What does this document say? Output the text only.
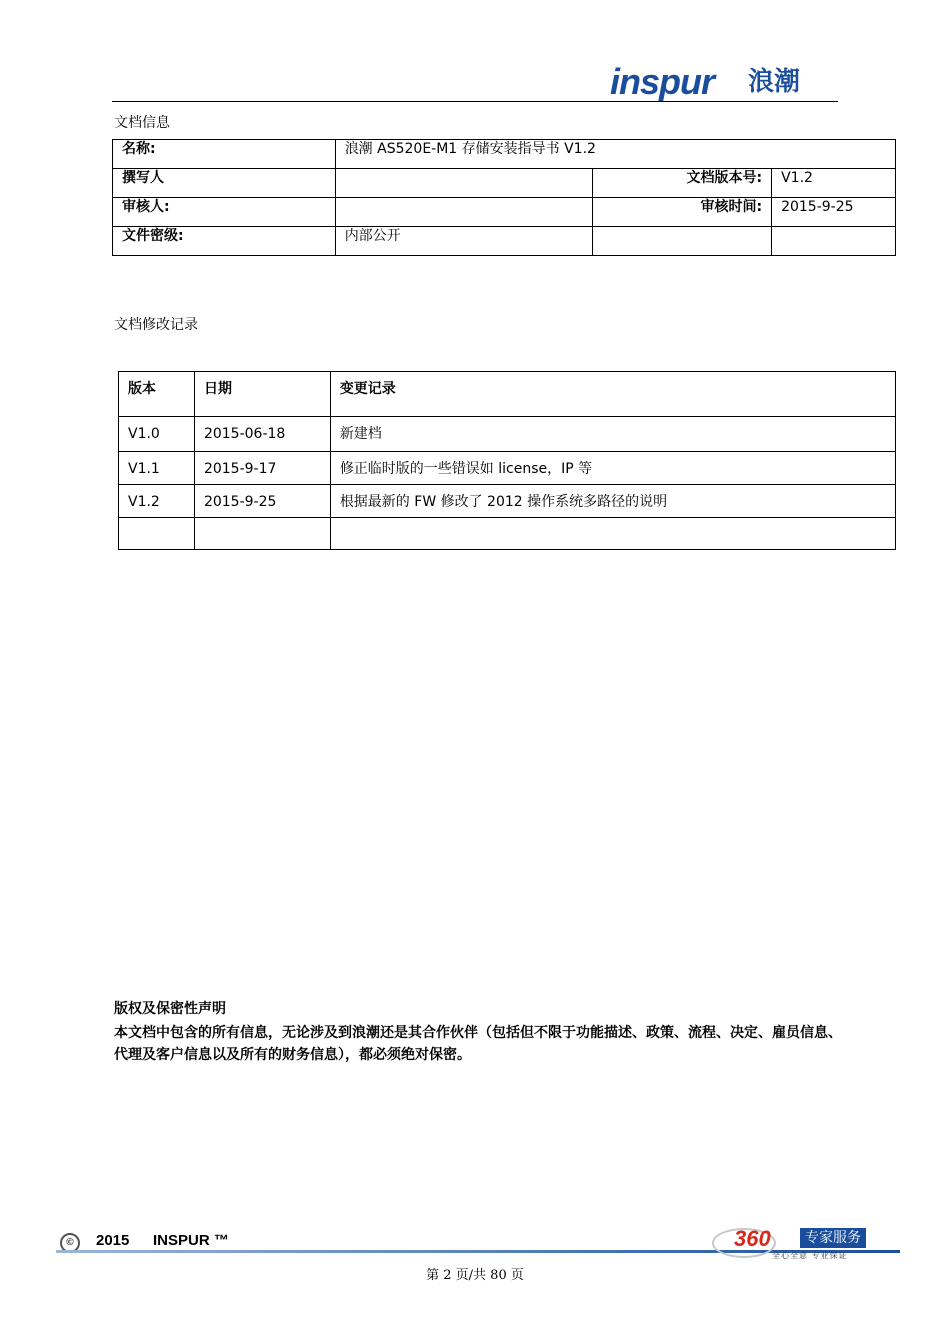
inspur 浪潮
文档信息
名称:	浪潮 AS520E-M1 存储安装指导书 V1.2		
撰写人		文档版本号:	V1.2
审核人:		审核时间:	2015-9-25
文件密级:	内部公开		
文档修改记录
版本	日期	变更记录
V1.0	2015-06-18	新建档
V1.1	2015-9-17	修正临时版的一些错误如 license，IP 等
V1.2	2015-9-25	根据最新的 FW 修改了 2012 操作系统多路径的说明

版权及保密性声明
本文档中包含的所有信息，无论涉及到浪潮还是其合作伙伴（包括但不限于功能描述、政策、流程、决定、雇员信息、代理及客户信息以及所有的财务信息），都必须绝对保密。
©	2015 INSPUR ™	360	专家服务
全心全意 专业保证
第 2 页/共 80 页
